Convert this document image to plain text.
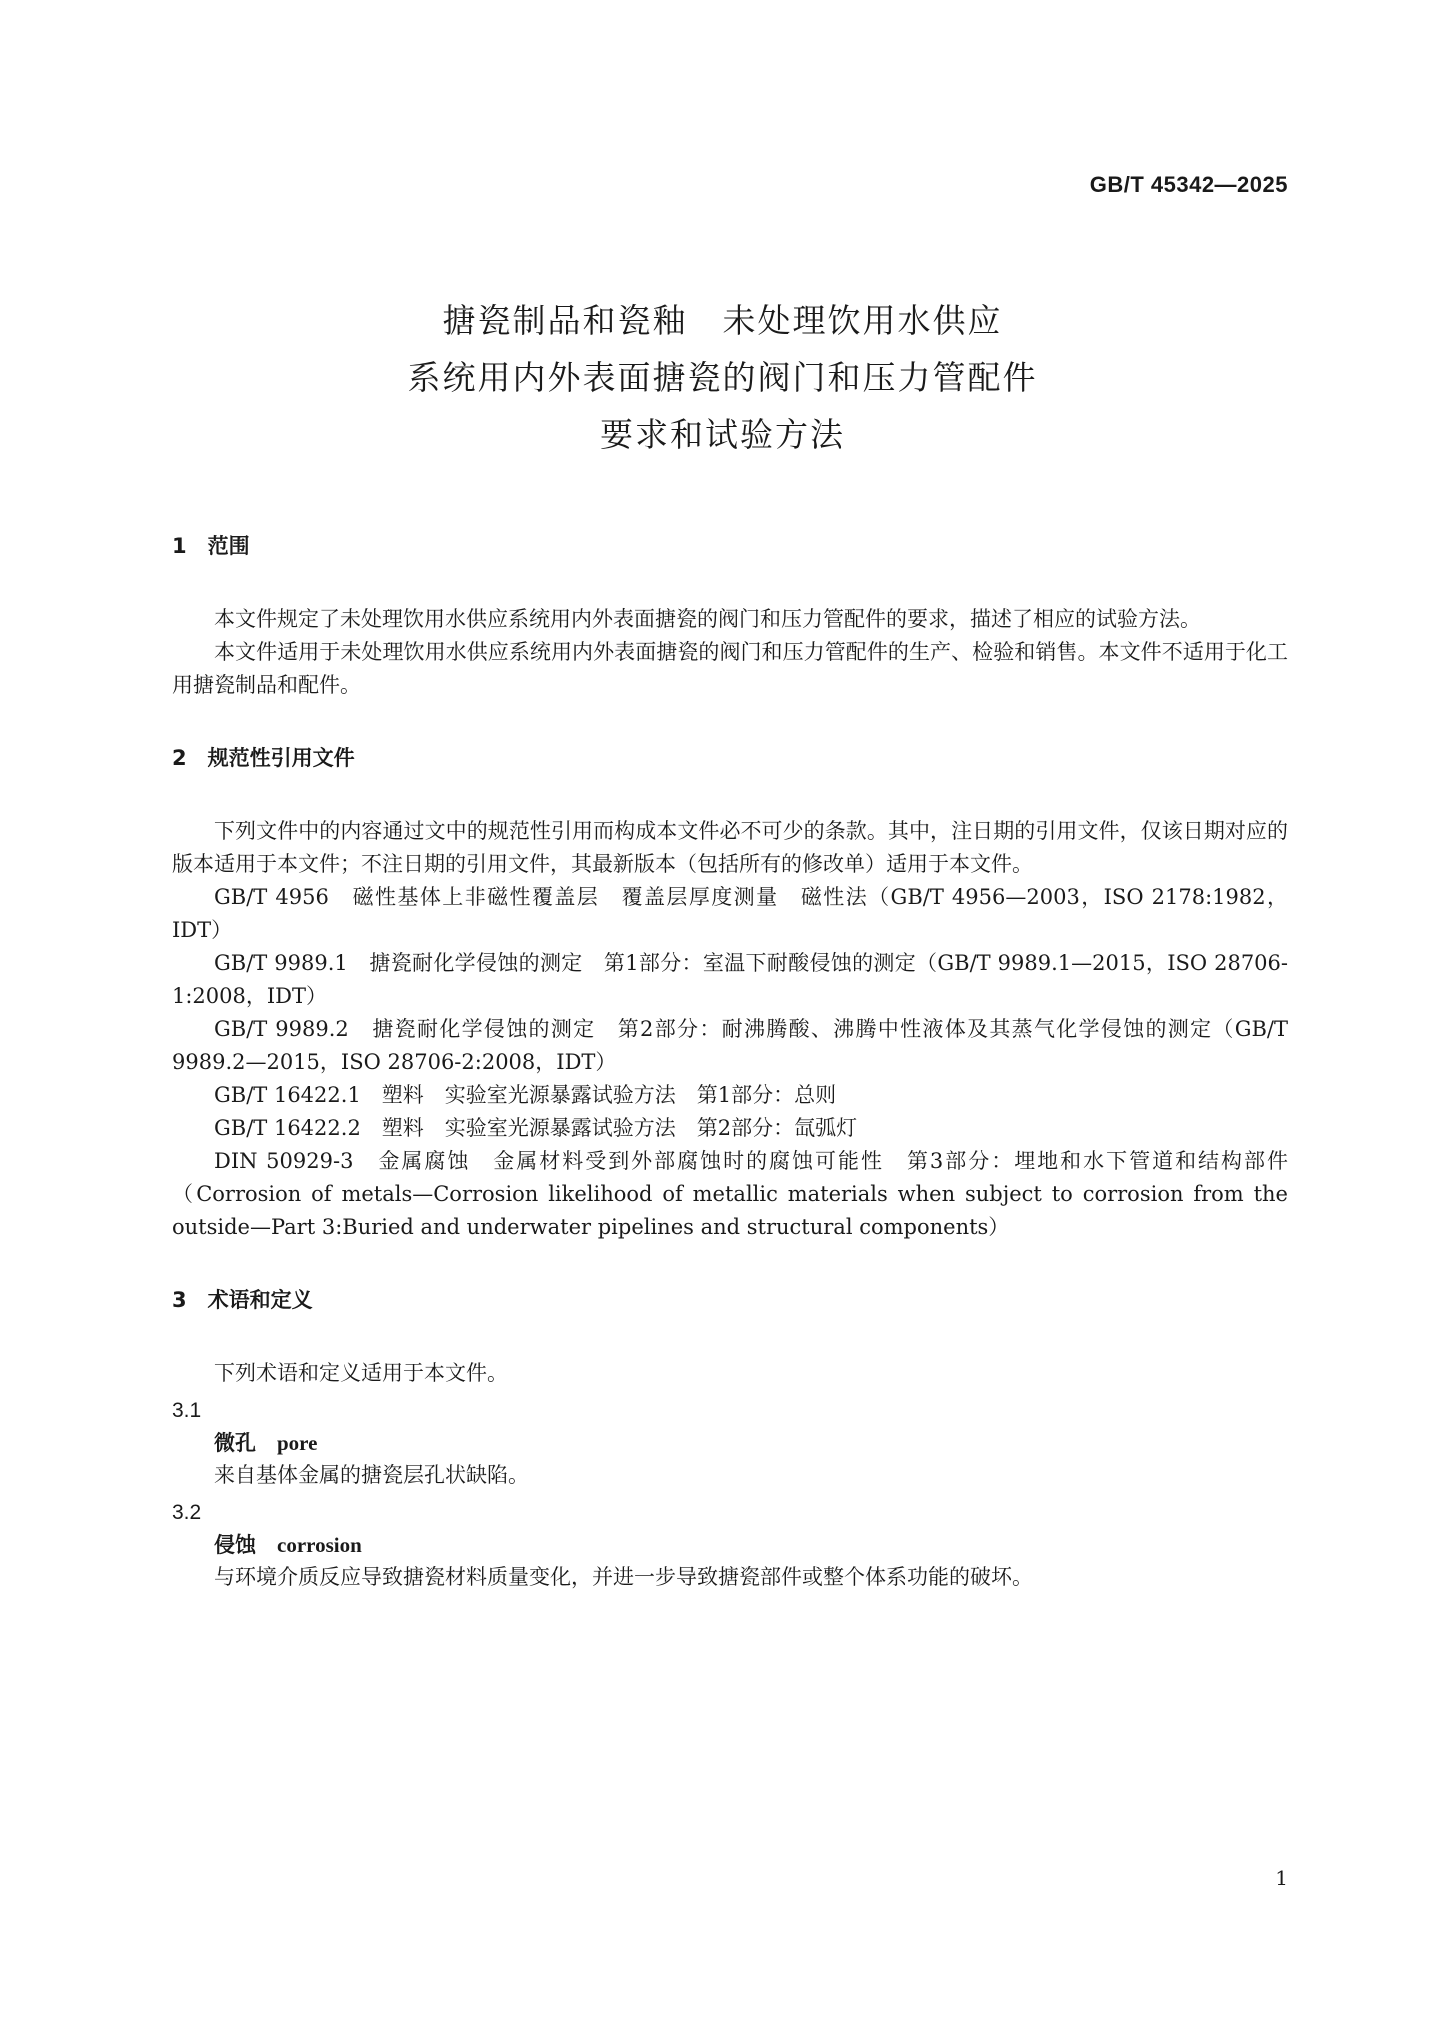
GB/T 45342—2025
搪瓷制品和瓷釉　未处理饮用水供应
系统用内外表面搪瓷的阀门和压力管配件
要求和试验方法
1　范围
本文件规定了未处理饮用水供应系统用内外表面搪瓷的阀门和压力管配件的要求，描述了相应的试验方法。
本文件适用于未处理饮用水供应系统用内外表面搪瓷的阀门和压力管配件的生产、检验和销售。本文件不适用于化工用搪瓷制品和配件。
2　规范性引用文件
下列文件中的内容通过文中的规范性引用而构成本文件必不可少的条款。其中，注日期的引用文件，仅该日期对应的版本适用于本文件；不注日期的引用文件，其最新版本（包括所有的修改单）适用于本文件。
GB/T 4956　磁性基体上非磁性覆盖层　覆盖层厚度测量　磁性法（GB/T 4956—2003，ISO 2178:1982，IDT）
GB/T 9989.1　搪瓷耐化学侵蚀的测定　第1部分：室温下耐酸侵蚀的测定（GB/T 9989.1—2015，ISO 28706-1:2008，IDT）
GB/T 9989.2　搪瓷耐化学侵蚀的测定　第2部分：耐沸腾酸、沸腾中性液体及其蒸气化学侵蚀的测定（GB/T 9989.2—2015，ISO 28706-2:2008，IDT）
GB/T 16422.1　塑料　实验室光源暴露试验方法　第1部分：总则
GB/T 16422.2　塑料　实验室光源暴露试验方法　第2部分：氙弧灯
DIN 50929-3　金属腐蚀　金属材料受到外部腐蚀时的腐蚀可能性　第3部分：埋地和水下管道和结构部件（Corrosion of metals—Corrosion likelihood of metallic materials when subject to corrosion from the outside—Part 3:Buried and underwater pipelines and structural components）
3　术语和定义
下列术语和定义适用于本文件。
3.1
微孔　 pore
来自基体金属的搪瓷层孔状缺陷。
3.2
侵蚀　 corrosion
与环境介质反应导致搪瓷材料质量变化，并进一步导致搪瓷部件或整个体系功能的破坏。
1
